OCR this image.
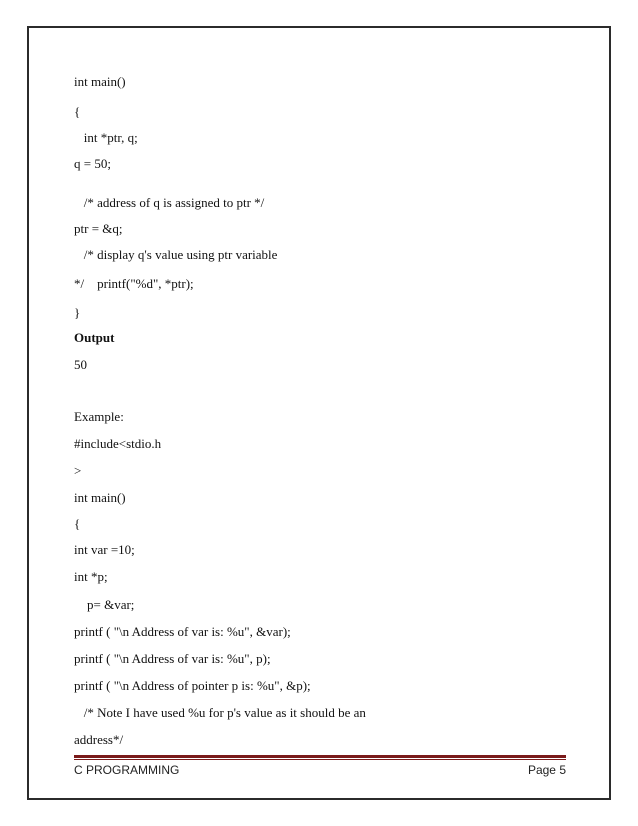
int main()
{
int *ptr, q;
q = 50;
/* address of q is assigned to ptr */
ptr = &q;
/* display q's value using ptr variable
*/    printf("%d", *ptr);
}
Output
50
Example:
#include<stdio.h
>
int main()
{
int var =10;
int *p;
p= &var;
printf ( "\n Address of var is: %u", &var);
printf ( "\n Address of var is: %u", p);
printf ( "\n Address of pointer p is: %u", &p);
/* Note I have used %u for p's value as it should be an
address*/
C PROGRAMMING	Page 5
